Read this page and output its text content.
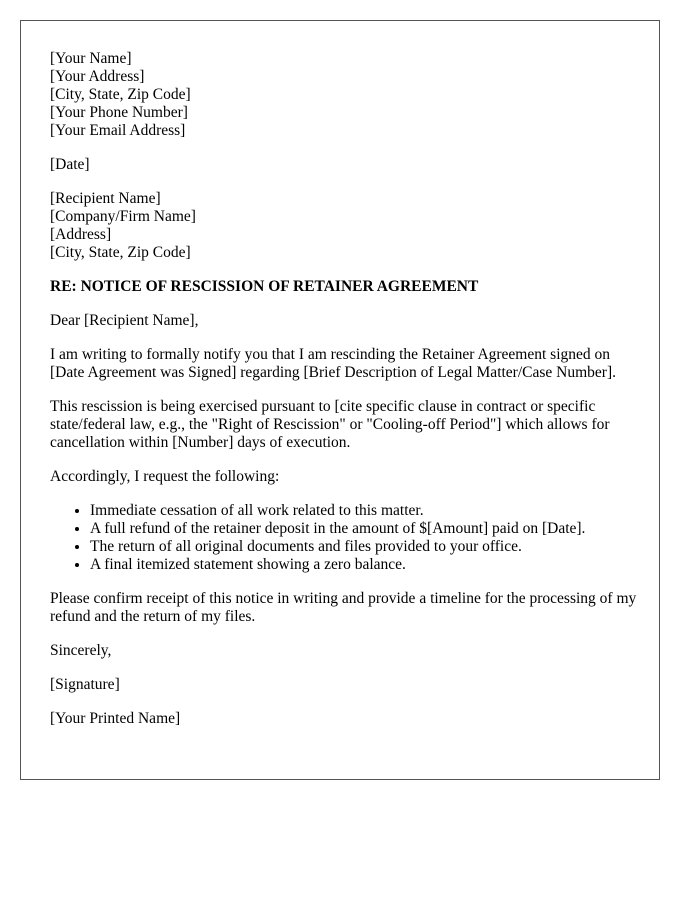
[Your Name]
[Your Address]
[City, State, Zip Code]
[Your Phone Number]
[Your Email Address]
[Date]
[Recipient Name]
[Company/Firm Name]
[Address]
[City, State, Zip Code]
RE: NOTICE OF RESCISSION OF RETAINER AGREEMENT

Dear [Recipient Name],

I am writing to formally notify you that I am rescinding the Retainer Agreement signed on [Date Agreement was Signed] regarding [Brief Description of Legal Matter/Case Number].

This rescission is being exercised pursuant to [cite specific clause in contract or specific state/federal law, e.g., the "Right of Rescission" or "Cooling-off Period"] which allows for cancellation within [Number] days of execution.

Accordingly, I request the following:

• Immediate cessation of all work related to this matter.
• A full refund of the retainer deposit in the amount of $[Amount] paid on [Date].
• The return of all original documents and files provided to your office.
• A final itemized statement showing a zero balance.

Please confirm receipt of this notice in writing and provide a timeline for the processing of my refund and the return of my files.

Sincerely,

[Signature]

[Your Printed Name]
